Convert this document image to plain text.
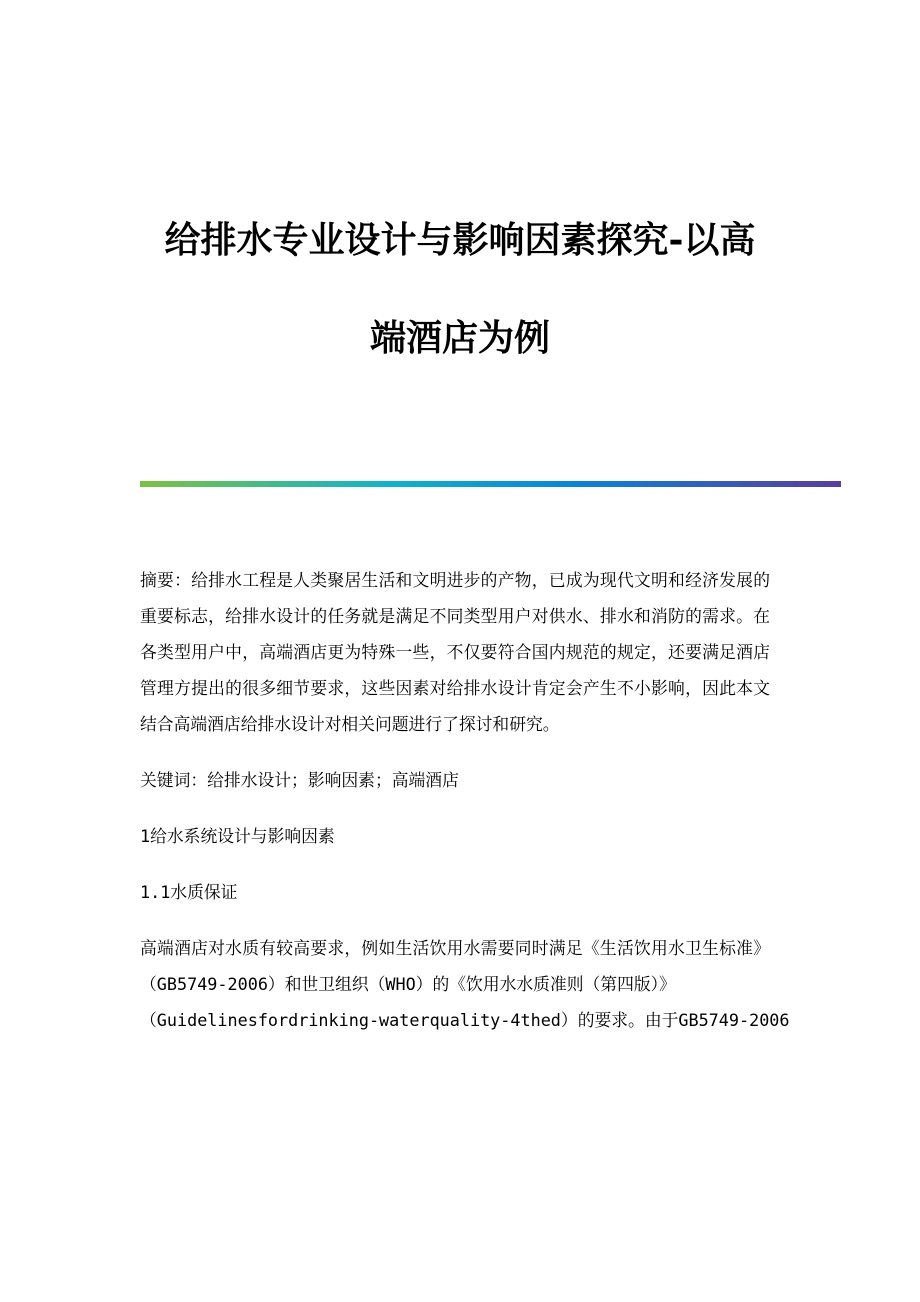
给排水专业设计与影响因素探究-以高
端酒店为例

摘要：给排水工程是人类聚居生活和文明进步的产物，已成为现代文明和经济发展的重要标志，给排水设计的任务就是满足不同类型用户对供水、排水和消防的需求。在各类型用户中，高端酒店更为特殊一些，不仅要符合国内规范的规定，还要满足酒店管理方提出的很多细节要求，这些因素对给排水设计肯定会产生不小影响，因此本文结合高端酒店给排水设计对相关问题进行了探讨和研究。

关键词：给排水设计；影响因素；高端酒店

1给水系统设计与影响因素

1.1水质保证

高端酒店对水质有较高要求，例如生活饮用水需要同时满足《生活饮用水卫生标准》（GB5749-2006）和世卫组织（WHO）的《饮用水水质准则（第四版）》
（Guidelinesfordrinking-waterquality-4thed）的要求。由于GB5749-2006
